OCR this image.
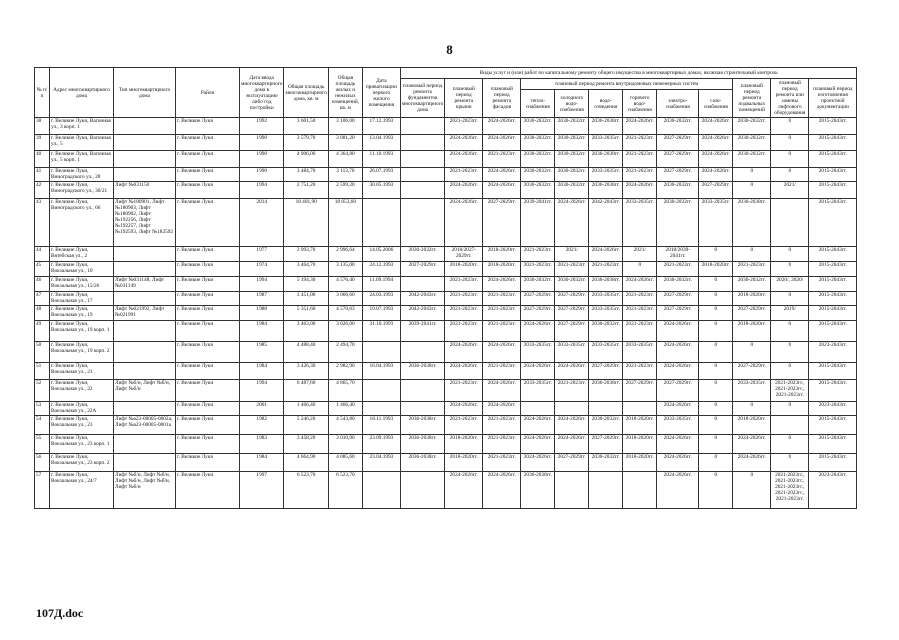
8
№ п/п	Адрес многоквартирного дома	Тип многоквартирного дома	Район	Дата ввода многоквартирного дома в эксплуатацию либо год постройки	Общая площадь многоквартирного дома, кв. м	Общая площадь жилых и нежилых помещений, кв. м	Дата приватизации первого жилого помещения	Виды услуг и (или) работ по капитальному ремонту общего имущества в многоквартирных домах, включая строительный контроль											
								плановый период ремонта фундаментов многоквартирного дома	плановый период ремонта крыши	плановый период ремонта фасадов	плановый период ремонта внутридомовых инженерных систем						плановый период ремонта подвальных помещений	плановый период ремонта или замены лифтового оборудования	плановый период изготовления проектной документации
											тепло-снабжения	холодного водо-снабжения	водо-отведения	горячего водо-снабжения	электро-снабжения	газо-снабжения			
38	г. Великие Луки, Вагонная ул., 3 корп. 1		г. Великие Луки	1992	3 601,50	3 106,00	17.12.1993		2021-2023гг.	2024-2026гг.	2030-2032гг.	2030-2032гг.	2036-2038гг.	2024-2026гг.	2030-2032гг.	2024-2026гг.	2030-2032гг.	0	2015-2043гг.
39	г. Великие Луки, Вагонная ул., 5		г. Великие Луки	1990	3 579,70	3 081,20	13.04.1993		2024-2026гг.	2024-2026гг.	2030-2032гг.	2030-2032гг.	2033-2035гг.	2021-2023гг.	2027-2029гг.	2024-2026гг.	2030-2032гг.	0	2015-2043гг.
40	г. Великие Луки, Вагонная ул., 5 корп. 1		г. Великие Луки	1990	4 906,00	4 364,80	11.10.1993		2024-2026гг.	2021-2023гг.	2030-2032гг.	2030-2032гг.	2036-2038гг.	2021-2023гг.	2027-2029гг.	2024-2026гг.	2030-2032гг.	0	2015-2043гг.
41	г. Великие Луки, Виноградского ул., 28		г. Великие Луки	1990	3 484,70	3 113,70	26.07.1993		2021-2023гг.	2024-2026гг.	2030-2032гг.	2030-2032гг.	2033-2035гг.	2021-2023гг.	2027-2029гг.	2024-2026гг.	0	0	2015-2043гг.
42	г. Великие Луки, Виноградского ул., 30/21	Лифт №031150	г. Великие Луки	1994	2 751,20	2 599,20	30.05.1993		2024-2026гг.	2024-2026гг.	2030-2032гг.	2030-2032гг.	2036-2038гг.	2024-2026гг.	2030-2032гг.	2027-2029гг.	0	2021/	2015-2043гг.
43	г. Великие Луки, Виноградского ул., 66	Лифт №180901, Лифт №180903, Лифт №180902, Лифт №192256, Лифт №192257, Лифт №192593, Лифт №182592	г. Великие Луки	2014	18 401,90	18 053,60			2024-2026гг.	2027-2029гг.	2039-2041гг.	2024-2026гг.	2042-2043гг.	2033-2035гг.	2030-2032гг.	2033-2035гг.	2036-2038гг.		2015-2043гг.
44	г. Великие Луки, Вятебская ул., 2		г. Великие Луки	1977	3 993,70	2 996,64	14.05.2006	2030-2032гг.	2018/2027-2029гг.	2018-2020гг.	2021-2023гг.	2021/	2024-2026гг.	2021/	2018/2039-2041гг.	0	0	0	2015-2043гг.
45	г. Великие Луки, Вокзальная ул., 10		г. Великие Луки	1974	3 464,70	3 135,00	24.12.1993	2027-2029гг.	2018-2020гг.	2018-2020гг.	2021-2023гг.	2021-2023гг.	2021-2023гг.	0	2021-2023гг.	2018-2020гг.	2021-2023гг.	0	2015-2043гг.
46	г. Великие Луки, Вокзальная ул., 15/26	Лифт №031148, Лифт №031149	г. Великие Луки	1994	5 194,30	4 576,40	11.09.1994		2021-2023гг.	2024-2026гг.	2030-2032гг.	2030-2032гг.	2036-2038гг.	2024-2026гг.	2030-2032гг.	0	2030-2032гг.	2020/, 2020/	2015-2043гг.
47	г. Великие Луки, Вокзальная ул., 17		г. Великие Луки	1987	3 451,00	3 066,60	24.03.1993	2042-2043гг.	2021-2023гг.	2021-2023гг.	2027-2029гг.	2027-2029гг.	2033-2035гг.	2021-2023гг.	2027-2029гг.	0	2018-2020гг.	0	2015-2043гг.
48	г. Великие Луки, Вокзальная ул., 19	Лифт №021992, Лифт №021991	г. Великие Луки	1988	5 351,60	4 570,63	19.07.1993	2042-2043гг.	2021-2023гг.	2021-2023гг.	2027-2029гг.	2027-2029гг.	2033-2035гг.	2021-2023гг.	2027-2029гг.	0	2027-2029гг.	2019/	2015-2043гг.
49	г. Великие Луки, Вокзальная ул., 19 корп. 1		г. Великие Луки	1984	3 463,00	3 026,00	31.10.1993	2039-2041гг.	2021-2023гг.	2021-2023гг.	2024-2026гг.	2027-2029гг.	2030-2032гг.	2021-2023гг.	2024-2026гг.	0	2018-2020гг.	0	2015-2043гг.
50	г. Великие Луки, Вокзальная ул., 19 корп. 2		г. Великие Луки	1985	4 488,40	2 494,70			2024-2026гг.	2024-2026гг.	2033-2035гг.	2033-2035гг.	2033-2035гг.	2033-2035гг.	2024-2026гг.	0	0	0	2023-2043гг.
51	г. Великие Луки, Вокзальная ул., 21		г. Великие Луки	1984	3 426,30	2 982,90	16.04.1993	2036-2038гг.	2024-2026гг.	2021-2023гг.	2024-2026гг.	2024-2026гг.	2027-2029гг.	2021-2023гг.	2024-2026гг.	0	2027-2029гг.	0	2015-2043гг.
52	г. Великие Луки, Вокзальная ул., 22	Лифт №б/н, Лифт №б/н, Лифт №б/н	г. Великие Луки	1994	6 487,60	4 865,70			2021-2023гг.	2024-2026гг.	2033-2035гг.	2021-2023гг.	2036-2038гг.	2027-2029гг.	2027-2029гг.	0	2033-2035гг.	2021-2023гг., 2021-2023гг., 2021-2023гг.	2015-2043гг.
53	г. Великие Луки, Вокзальная ул., 22А		г. Великие Луки	2001	1 466,40	1 466,40			2024-2026гг.	2024-2026гг.					2024-2026гг.	0	0	0	2023-2043гг.
54	г. Великие Луки, Вокзальная ул., 23	Лифт №а23-00005-0002а, Лифт №а23-00005-0001а	г. Великие Луки	1982	5 246,20	4 543,80	18.11.1993	2036-2038гг.	2021-2023гг.	2021-2023гг.	2024-2026гг.	2024-2026гг.	2030-2032гг.	2018-2020гг.	2033-2035гг.	0	2018-2020гг.		2015-2043гг.
55	г. Великие Луки, Вокзальная ул., 23 корп. 1		г. Великие Луки	1983	3 458,20	3 010,90	23.09.1993	2036-2038гг.	2018-2020гг.	2021-2023гг.	2024-2026гг.	2024-2026гг.	2027-2029гг.	2018-2020гг.	2024-2026гг.	0	2024-2026гг.	0	2015-2043гг.
56	г. Великие Луки, Вокзальная ул., 23 корп. 2		г. Великие Луки	1984	4 664,90	4 085,60	23.04.1993	2036-2038гг.	2018-2020гг.	2021-2023гг.	2024-2026гг.	2027-2029гг.	2030-2032гг.	2018-2020гг.	2024-2026гг.	0	2024-2026гг.	0	2015-2043гг.
57	г. Великие Луки, Вокзальная ул., 24/7	Лифт №б/н, Лифт №б/н, Лифт №б/н, Лифт №б/н, Лифт №б/н	г. Великие Луки	1997	6 523,70	6 523,70			2024-2026гг.	2024-2026гг.	2036-2038гг.				2024-2026гг.	0	0	2021-2023гг., 2021-2023гг., 2021-2023гг., 2021-2023гг., 2021-2023гг.	2023-2043гг.
107Д.doc
